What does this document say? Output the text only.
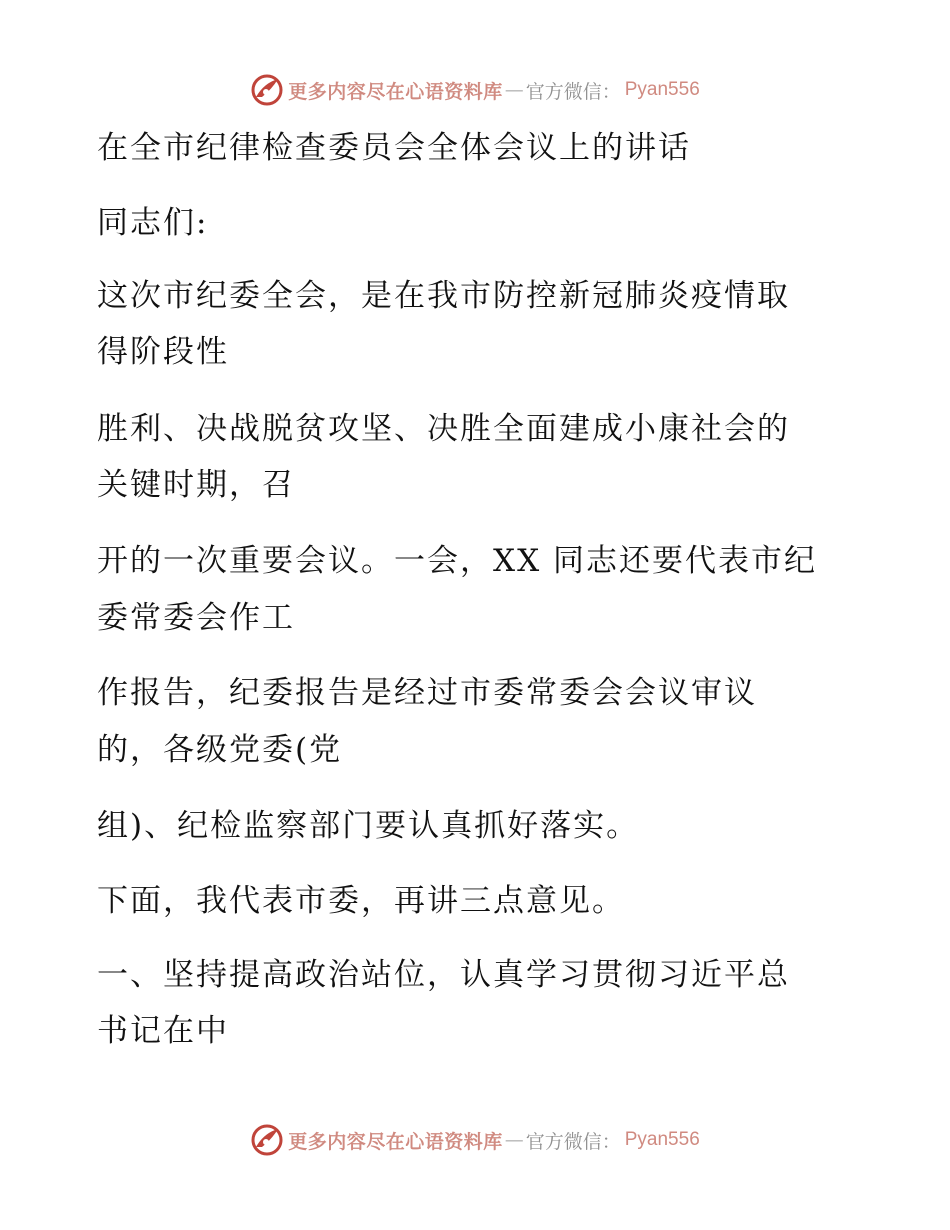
更多内容尽在心语资料库 — 官方微信： Pyan556
在全市纪律检查委员会全体会议上的讲话
同志们:
这次市纪委全会，是在我市防控新冠肺炎疫情取
得阶段性
胜利、决战脱贫攻坚、决胜全面建成小康社会的
关键时期，召
开的一次重要会议。一会，XX 同志还要代表市纪
委常委会作工
作报告，纪委报告是经过市委常委会会议审议
的，各级党委(党
组)、纪检监察部门要认真抓好落实。
下面，我代表市委，再讲三点意见。
一、坚持提高政治站位，认真学习贯彻习近平总
书记在中
更多内容尽在心语资料库 — 官方微信： Pyan556
